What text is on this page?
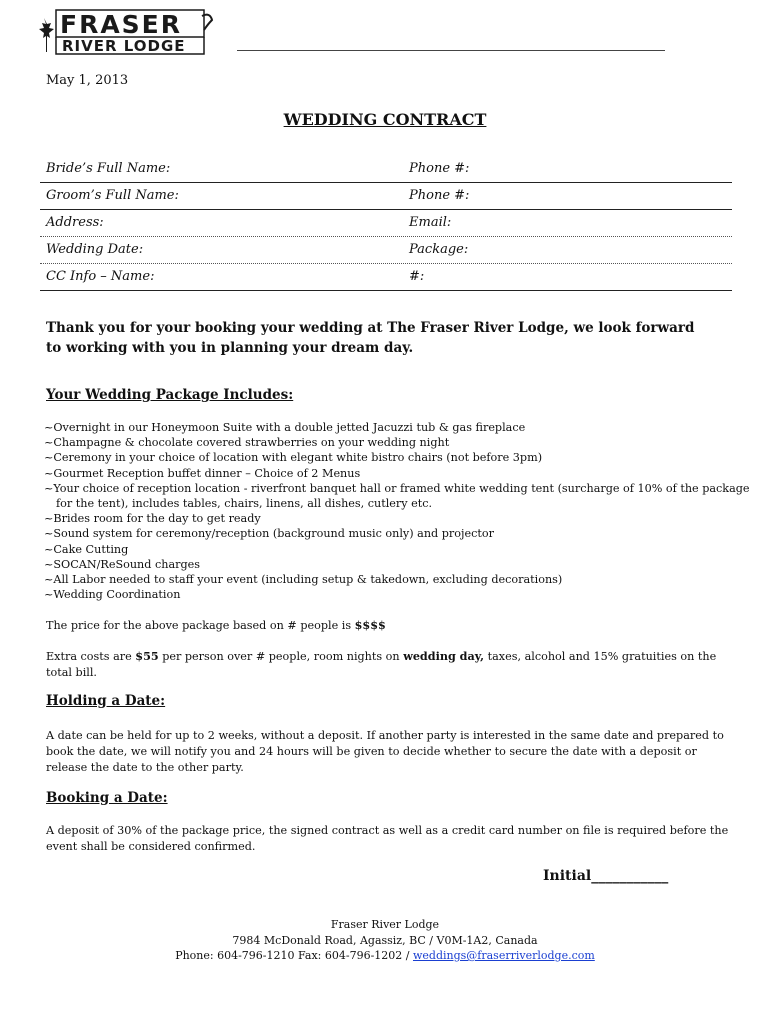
FRASER
RIVER LODGE
May 1, 2013
WEDDING CONTRACT
Bride’s Full Name:	Phone #:
Groom’s Full Name:	Phone #:
Address:	Email:
Wedding Date:	Package:
CC Info – Name:	#:
Thank you for your booking your wedding at The Fraser River Lodge, we look forward to working with you in planning your dream day.
Your Wedding Package Includes:
~Overnight in our Honeymoon Suite with a double jetted Jacuzzi tub & gas fireplace
~Champagne & chocolate covered strawberries on your wedding night
~Ceremony in your choice of location with elegant white bistro chairs (not before 3pm)
~Gourmet Reception buffet dinner – Choice of 2 Menus
~Your choice of reception location - riverfront banquet hall or framed white wedding tent (surcharge of 10% of the package
for the tent), includes tables, chairs, linens, all dishes, cutlery etc.
~Brides room for the day to get ready
~Sound system for ceremony/reception (background music only) and projector
~Cake Cutting
~SOCAN/ReSound charges
~All Labor needed to staff your event (including setup & takedown, excluding decorations)
~Wedding Coordination
The price for the above package based on # people is $$$$
Extra costs are $55 per person over # people, room nights on wedding day, taxes, alcohol and 15% gratuities on the total bill.
Holding a Date:
A date can be held for up to 2 weeks, without a deposit. If another party is interested in the same date and prepared to book the date, we will notify you and 24 hours will be given to decide whether to secure the date with a deposit or release the date to the other party.
Booking a Date:
A deposit of 30% of the package price, the signed contract as well as a credit card number on file is required before the event shall be considered confirmed.
Initial___________
Fraser River Lodge
7984 McDonald Road, Agassiz, BC / V0M-1A2, Canada
Phone: 604-796-1210 Fax: 604-796-1202 / weddings@fraserriverlodge.com
